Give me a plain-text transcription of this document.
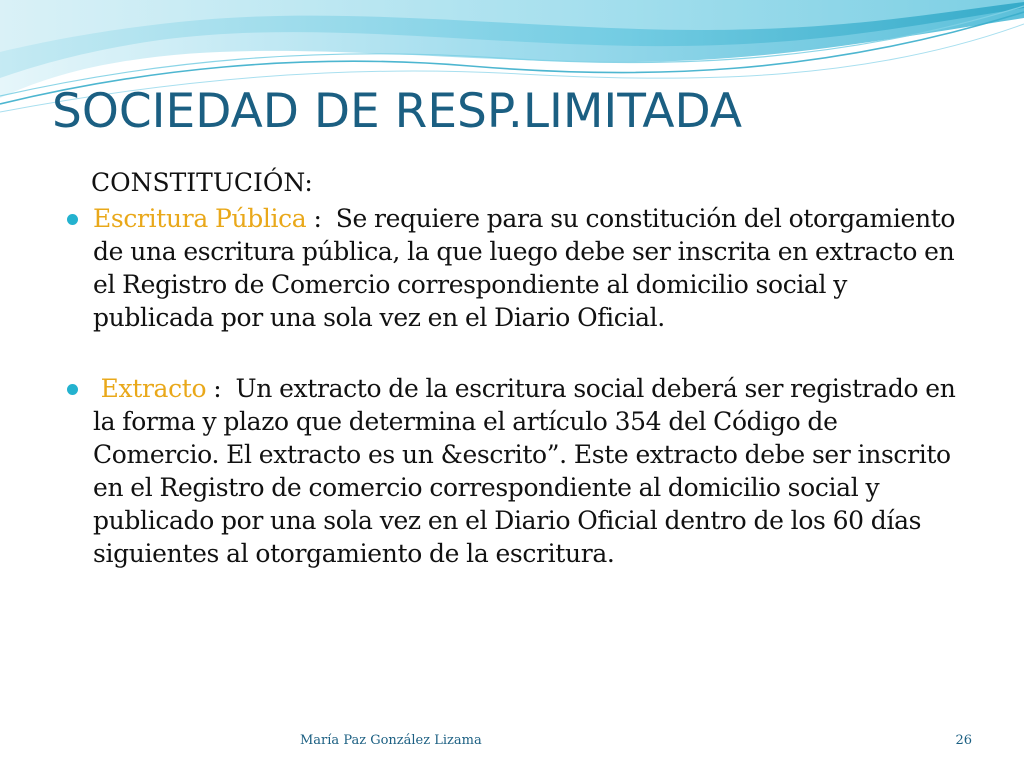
SOCIEDAD DE RESP.LIMITADA

CONSTITUCIÓN:

Escritura Pública :  Se requiere para su constitución del otorgamiento de una escritura pública, la que luego debe ser inscrita en extracto en el Registro de Comercio correspondiente al domicilio social y publicada por una sola vez en el Diario Oficial.

Extracto :  Un extracto de la escritura social deberá ser registrado en la forma y plazo que determina el artículo 354 del Código de Comercio. El extracto es un &escrito”. Este extracto debe ser inscrito en el Registro de comercio correspondiente al domicilio social y publicado por una sola vez en el Diario Oficial dentro de los 60 días siguientes al otorgamiento de la escritura.

María Paz González Lizama	26
